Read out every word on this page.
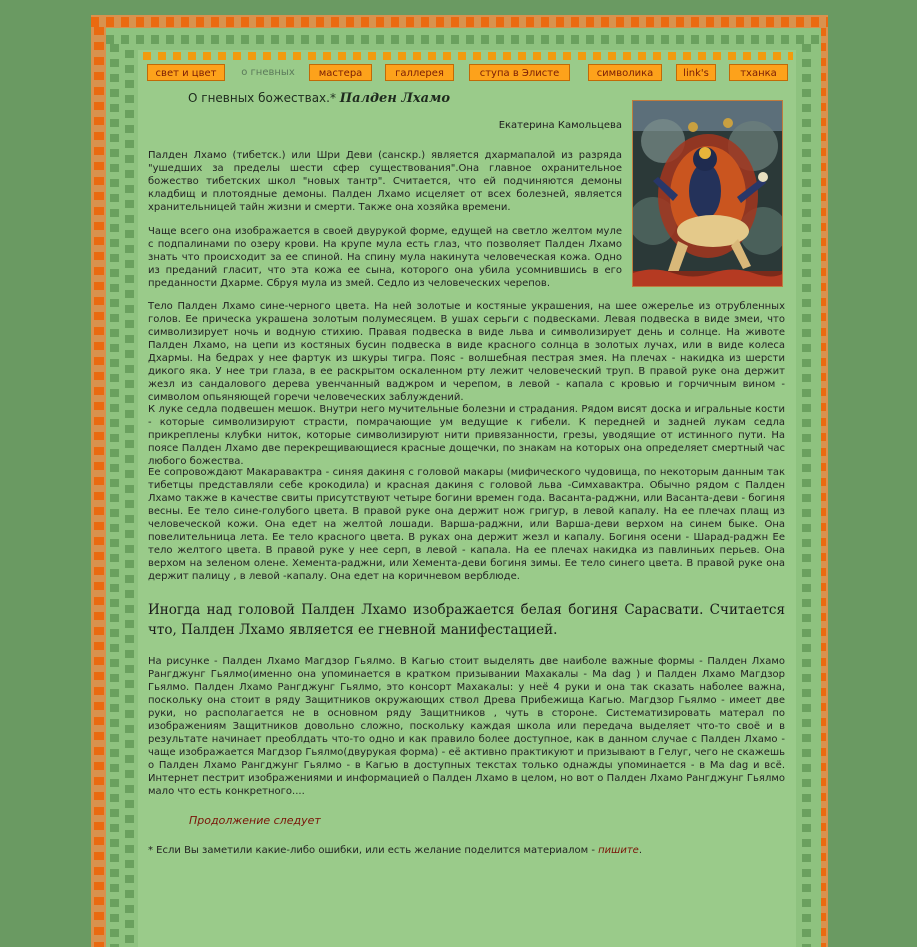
свет и цвет	о гневных	мастера	галлерея	ступа в Элисте	символика	link's	тханка
О гневных божествах.* Палден Лхамо
Екатерина Камольцева

Палден Лхамо (тибетск.) или Шри Деви (санскр.) является дхармапалой из разряда "ушедших за пределы шести сфер существования".Она главное охранительное божество тибетских школ "новых тантр". Считается, что ей подчиняются демоны кладбищ и плотоядные демоны. Палден Лхамо исцеляет от всех болезней, является хранительницей тайн жизни и смерти. Также она хозяйка времени.

Чаще всего она изображается в своей двурукой форме, едущей на светло желтом муле с подпалинами по озеру крови. На крупе мула есть глаз, что позволяет Палден Лхамо знать что происходит за ее спиной. На спину мула накинута человеческая кожа. Одно из преданий гласит, что эта кожа ее сына, которого она убила усомнившись в его преданности Дхарме. Сбруя мула из змей. Седло из человеческих черепов.

Тело Палден Лхамо сине-черного цвета. На ней золотые и костяные украшения, на шее ожерелье из отрубленных голов. Ее прическа украшена золотым полумесяцем. В ушах серьги с подвесками. Левая подвеска в виде змеи, что символизирует ночь и водную стихию. Правая подвеска в виде льва и символизирует день и солнце. На животе Палден Лхамо, на цепи из костяных бусин подвеска в виде красного солнца в золотых лучах, или в виде колеса Дхармы. На бедрах у нее фартук из шкуры тигра. Пояс - волшебная пестрая змея. На плечах - накидка из шерсти дикого яка. У нее три глаза, в ее раскрытом оскаленном рту лежит человеческий труп. В правой руке она держит жезл из сандалового дерева увенчанный ваджром и черепом, в левой - капала с кровью и горчичным вином - символом опьяняющей горечи человеческих заблуждений.

К луке седла подвешен мешок. Внутри него мучительные болезни и страдания. Рядом висят доска и игральные кости - которые символизируют страсти, помрачающие ум ведущие к гибели. К передней и задней лукам седла прикреплены клубки ниток, которые символизируют нити привязанности, грезы, уводящие от истинного пути. На поясе Палден Лхамо две перекрещивающиеся красные дощечки, по знакам на которых она определяет смертный час любого божества.

Ее сопровождают Макаравактра - синяя дакиня с головой макары (мифического чудовища, по некоторым данным так тибетцы представляли себе крокодила) и красная дакиня с головой льва -Симхавактра. Обычно рядом с Палден Лхамо также в качестве свиты присутствуют четыре богини времен года. Васанта-раджни, или Васанта-деви - богиня весны. Ее тело сине-голубого цвета. В правой руке она держит нож григур, в левой капалу. На ее плечах плащ из человеческой кожи. Она едет на желтой лошади. Варша-раджни, или Варша-деви верхом на синем быке. Она повелительница лета. Ее тело красного цвета. В руках она держит жезл и капалу. Богиня осени - Шарад-раджн Ее тело желтого цвета. В правой руке у нее серп, в левой - капала. На ее плечах накидка из павлиньих перьев. Она верхом на зеленом олене. Хемента-раджни, или Хемента-деви богиня зимы. Ее тело синего цвета. В правой руке она держит палицу , в левой -капалу. Она едет на коричневом верблюде.

Иногда над головой Палден Лхамо изображается белая богиня Сарасвати. Считается что, Палден Лхамо является ее гневной манифестацией.

На рисунке - Палден Лхамо Магдзор Гьялмо. В Кагью стоит выделять две наиболе важные формы - Палден Лхамо Рангджунг Гьялмо(именно она упоминается в кратком призывании Махакалы - Ma dag ) и Палден Лхамо Магдзор Гьялмо. Палден Лхамо Рангджунг Гьялмо, это консорт Махакалы: у неё 4 руки и она так сказать наболее важна, поскольку она стоит в ряду Защитников окружающих ствол Древа Прибежища Кагью. Магдзор Гьялмо - имеет две руки, но располагается не в основном ряду Защитников , чуть в стороне. Систематизировать матерал по изображениям Защитников довольно сложно, поскольку каждая школа или передача выделяет что-то своё и в результате начинает преоблдать что-то одно и как правило более доступное, как в данном случае с Палден Лхамо - чаще изображается Магдзор Гьялмо(двурукая форма) - её активно практикуют и призывают в Гелуг, чего не скажешь о Палден Лхамо Рангджунг Гьялмо - в Кагью в доступных текстах только однажды упоминается - в Ma dag и всё. Интернет пестрит изображениями и информацией о Палден Лхамо в целом, но вот о Палден Лхамо Рангджунг Гьялмо мало что есть конкретного....

Продолжение следует
* Если Вы заметили какие-либо ошибки, или есть желание поделится материалом - пишите.
